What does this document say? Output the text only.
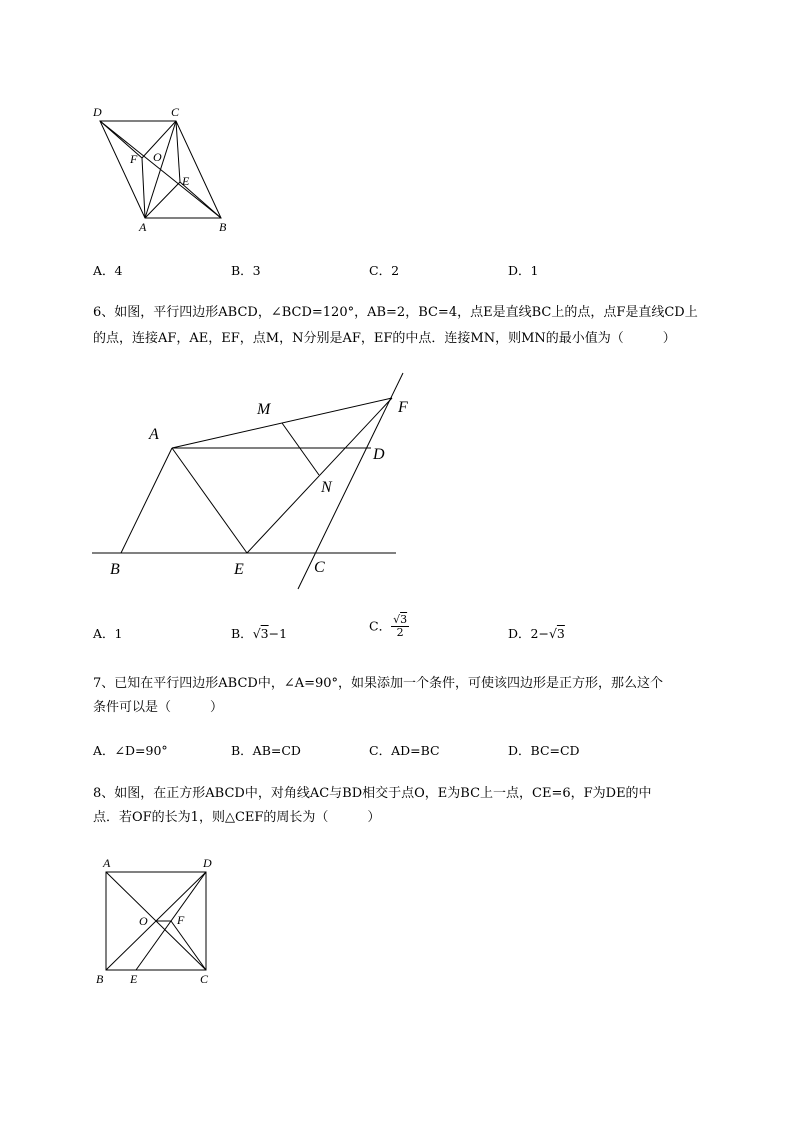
D	C
F O
E
A	B
A．4	B．3	C．2	D．1
6、如图，平行四边形ABCD，∠BCD=120°，AB=2，BC=4，点E是直线BC上的点，点F是直线CD上
的点，连接AF，AE，EF，点M，N分别是AF，EF的中点．连接MN，则MN的最小值为（　　　）
M	F
A
D
N
B	E	C
A．1	B．√3−1	C． $\frac{√3}{2}$	D．2−√3
7、已知在平行四边形ABCD中，∠A=90°，如果添加一个条件，可使该四边形是正方形，那么这个
条件可以是（　　　）
A．∠D=90°	B．AB=CD	C．AD=BC	D．BC=CD
8、如图，在正方形ABCD中，对角线AC与BD相交于点O，E为BC上一点，CE=6，F为DE的中
点．若OF的长为1，则△CEF的周长为（　　　）
A	D
O F
B E	C
